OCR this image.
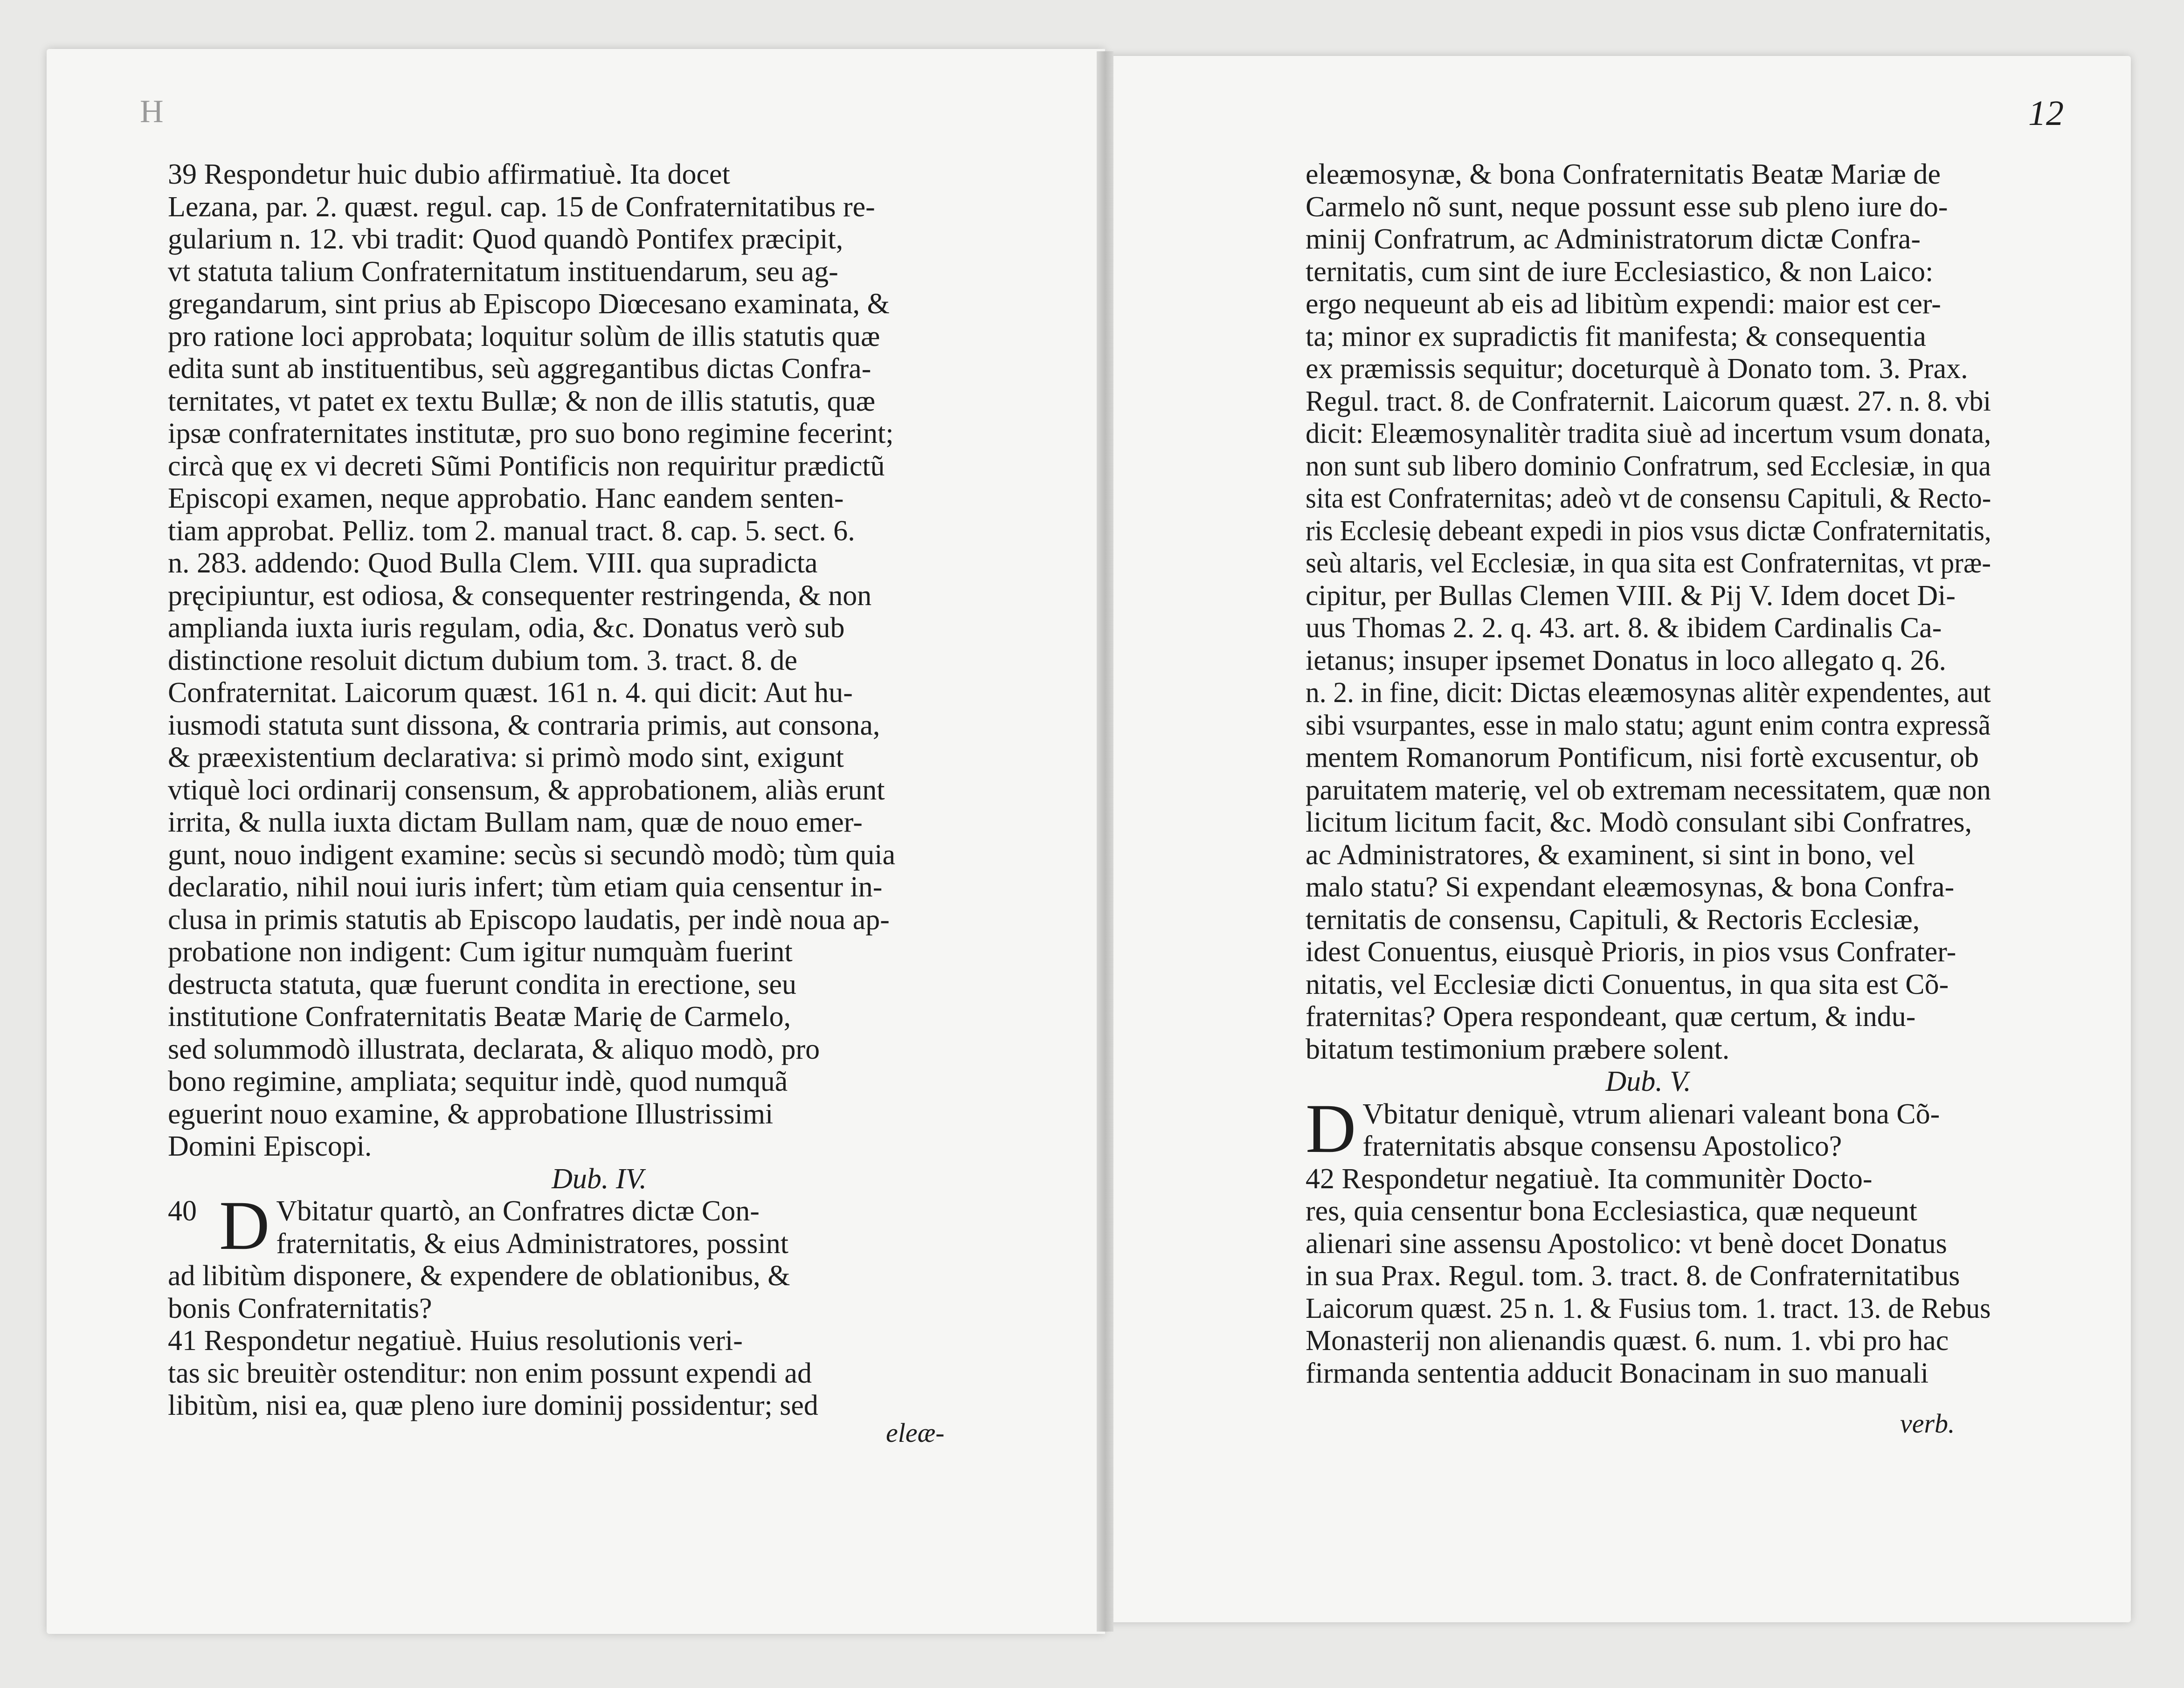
H	12
39 Respondetur huic dubio affirmatiuè. Ita docet
Lezana, par. 2. quæst. regul. cap. 15 de Confraternitatibus re-
gularium n. 12. vbi tradit: Quod quandò Pontifex præcipit,
vt statuta talium Confraternitatum instituendarum, seu ag-
gregandarum, sint prius ab Episcopo Diœcesano examinata, &
pro ratione loci approbata; loquitur solùm de illis statutis quæ
edita sunt ab instituentibus, seù aggregantibus dictas Confra-
ternitates, vt patet ex textu Bullæ; & non de illis statutis, quæ
ipsæ confraternitates institutæ, pro suo bono regimine fecerint;
circà quę ex vi decreti Sũmi Pontificis non requiritur prædictũ
Episcopi examen, neque approbatio. Hanc eandem senten-
tiam approbat. Pelliz. tom 2. manual tract. 8. cap. 5. sect. 6.
n. 283. addendo: Quod Bulla Clem. VIII. qua supradicta
pręcipiuntur, est odiosa, & consequenter restringenda, & non
amplianda iuxta iuris regulam, odia, &c. Donatus verò sub
distinctione resoluit dictum dubium tom. 3. tract. 8. de
Confraternitat. Laicorum quæst. 161 n. 4. qui dicit: Aut hu-
iusmodi statuta sunt dissona, & contraria primis, aut consona,
& præexistentium declarativa: si primò modo sint, exigunt
vtiquè loci ordinarij consensum, & approbationem, aliàs erunt
irrita, & nulla iuxta dictam Bullam nam, quæ de nouo emer-
gunt, nouo indigent examine: secùs si secundò modò; tùm quia
declaratio, nihil noui iuris infert; tùm etiam quia censentur in-
clusa in primis statutis ab Episcopo laudatis, per indè noua ap-
probatione non indigent: Cum igitur numquàm fuerint
destructa statuta, quæ fuerunt condita in erectione, seu
institutione Confraternitatis Beatæ Marię de Carmelo,
sed solummodò illustrata, declarata, & aliquo modò, pro
bono regimine, ampliata; sequitur indè, quod numquã
eguerint nouo examine, & approbatione Illustrissimi
Domini Episcopi.
Dub. IV.
40 D Vbitatur quartò, an Confratres dictæ Con-
fraternitatis, & eius Administratores, possint
ad libitùm disponere, & expendere de oblationibus, &
bonis Confraternitatis?
41 Respondetur negatiuè. Huius resolutionis veri-
tas sic breuitèr ostenditur: non enim possunt expendi ad
libitùm, nisi ea, quæ pleno iure dominij possidentur; sed
eleæ-
eleæmosynæ, & bona Confraternitatis Beatæ Mariæ de
Carmelo nõ sunt, neque possunt esse sub pleno iure do-
minij Confratrum, ac Administratorum dictæ Confra-
ternitatis, cum sint de iure Ecclesiastico, & non Laico:
ergo nequeunt ab eis ad libitùm expendi: maior est cer-
ta; minor ex supradictis fit manifesta; & consequentia
ex præmissis sequitur; doceturquè à Donato tom. 3. Prax.
Regul. tract. 8. de Confraternit. Laicorum quæst. 27. n. 8. vbi
dicit: Eleæmosynalitèr tradita siuè ad incertum vsum donata,
non sunt sub libero dominio Confratrum, sed Ecclesiæ, in qua
sita est Confraternitas; adeò vt de consensu Capituli, & Recto-
ris Ecclesię debeant expedi in pios vsus dictæ Confraternitatis,
seù altaris, vel Ecclesiæ, in qua sita est Confraternitas, vt præ-
cipitur, per Bullas Clemen VIII. & Pij V. Idem docet Di-
uus Thomas 2. 2. q. 43. art. 8. & ibidem Cardinalis Ca-
ietanus; insuper ipsemet Donatus in loco allegato q. 26.
n. 2. in fine, dicit: Dictas eleæmosynas alitèr expendentes, aut
sibi vsurpantes, esse in malo statu; agunt enim contra expressã
mentem Romanorum Pontificum, nisi fortè excusentur, ob
paruitatem materię, vel ob extremam necessitatem, quæ non
licitum licitum facit, &c. Modò consulant sibi Confratres,
ac Administratores, & examinent, si sint in bono, vel
malo statu? Si expendant eleæmosynas, & bona Confra-
ternitatis de consensu, Capituli, & Rectoris Ecclesiæ,
idest Conuentus, eiusquè Prioris, in pios vsus Confrater-
nitatis, vel Ecclesiæ dicti Conuentus, in qua sita est Cõ-
fraternitas? Opera respondeant, quæ certum, & indu-
bitatum testimonium præbere solent.
Dub. V.
D Vbitatur deniquè, vtrum alienari valeant bona Cõ-
fraternitatis absque consensu Apostolico?
42 Respondetur negatiuè. Ita communitèr Docto-
res, quia censentur bona Ecclesiastica, quæ nequeunt
alienari sine assensu Apostolico: vt benè docet Donatus
in sua Prax. Regul. tom. 3. tract. 8. de Confraternitatibus
Laicorum quæst. 25 n. 1. & Fusius tom. 1. tract. 13. de Rebus
Monasterij non alienandis quæst. 6. num. 1. vbi pro hac
firmanda sententia adducit Bonacinam in suo manuali
verb.
